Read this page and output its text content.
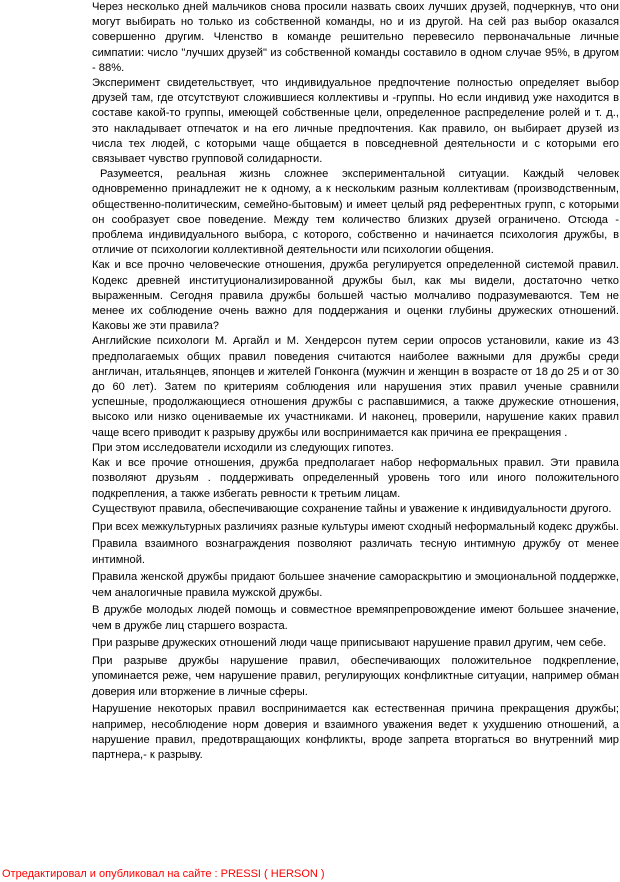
Через несколько дней мальчиков снова просили назвать своих лучших друзей, подчеркнув, что они могут выбирать но только из собственной команды, но и из другой. На сей раз выбор оказался совершенно другим. Членство в команде решительно перевесило первоначальные личные симпатии: число "лучших друзей" из собственной команды составило в одном случае 95%, в другом - 88%.

Эксперимент свидетельствует, что индивидуальное предпочтение полностью определяет выбор друзей там, где отсутствуют сложившиеся коллективы и -группы. Но если индивид уже находится в составе какой-то группы, имеющей собственные цели, определенное распределение ролей и т. д., это накладывает отпечаток и на его личные предпочтения. Как правило, он выбирает друзей из числа тех людей, с которыми чаще общается в повседневной деятельности и с которыми его связывает чувство групповой солидарности.

Разумеется, реальная жизнь сложнее экспериментальной ситуации. Каждый человек одновременно принадлежит не к одному, а к нескольким разным коллективам (производственным, общественно-политическим, семейно-бытовым) и имеет целый ряд референтных групп, с которыми он сообразует свое поведение. Между тем количество близких друзей ограничено. Отсюда - проблема индивидуального выбора, с которого, собственно и начинается психология дружбы, в отличие от психологии коллективной деятельности или психологии общения.

Как и все прочно человеческие отношения, дружба регулируется определенной системой правил. Кодекс древней институционализированной дружбы был, как мы видели, достаточно четко выраженным. Сегодня правила дружбы большей частью молчаливо подразумеваются. Тем не менее их соблюдение очень важно для поддержания и оценки глубины дружеских отношений. Каковы же эти правила?

Английские психологи М. Аргайл и М. Хендерсон путем серии опросов установили, какие из 43 предполагаемых общих правил поведения считаются наиболее важными для дружбы среди англичан, итальянцев, японцев и жителей Гонконга (мужчин и женщин в возрасте от 18 до 25 и от 30 до 60 лет). Затем по критериям соблюдения или нарушения этих правил ученые сравнили успешные, продолжающиеся отношения дружбы с распавшимися, а также дружеские отношения, высоко или низко оцениваемые их участниками. И наконец, проверили, нарушение каких правил чаще всего приводит к разрыву дружбы или воспринимается как причина ее прекращения .

При этом исследователи исходили из следующих гипотез.

Как и все прочие отношения, дружба предполагает набор неформальных правил. Эти правила позволяют друзьям . поддерживать определенный уровень того или иного положительного подкрепления, а также избегать ревности к третьим лицам.

Существуют правила, обеспечивающие сохранение тайны и уважение к индивидуальности другого.

При всех межкультурных различиях разные культуры имеют сходный неформальный кодекс дружбы.

Правила взаимного вознаграждения позволяют различать тесную интимную дружбу от менее интимной.

Правила женской дружбы придают большее значение самораскрытию и эмоциональной поддержке, чем аналогичные правила мужской дружбы.

В дружбе молодых людей помощь и совместное времяпрепровождение имеют большее значение, чем в дружбе лиц старшего возраста.

При разрыве дружеских отношений люди чаще приписывают нарушение правил другим, чем себе.

При разрыве дружбы нарушение правил, обеспечивающих положительное подкрепление, упоминается реже, чем нарушение правил, регулирующих конфликтные ситуации, например обман доверия или вторжение в личные сферы.

Нарушение некоторых правил воспринимается как естественная причина прекращения дружбы; например, несоблюдение норм доверия и взаимного уважения ведет к ухудшению отношений, а нарушение правил, предотвращающих конфликты, вроде запрета вторгаться во внутренний мир партнера,- к разрыву.

Отредактировал и опубликовал на сайте : PRESSI ( HERSON )
